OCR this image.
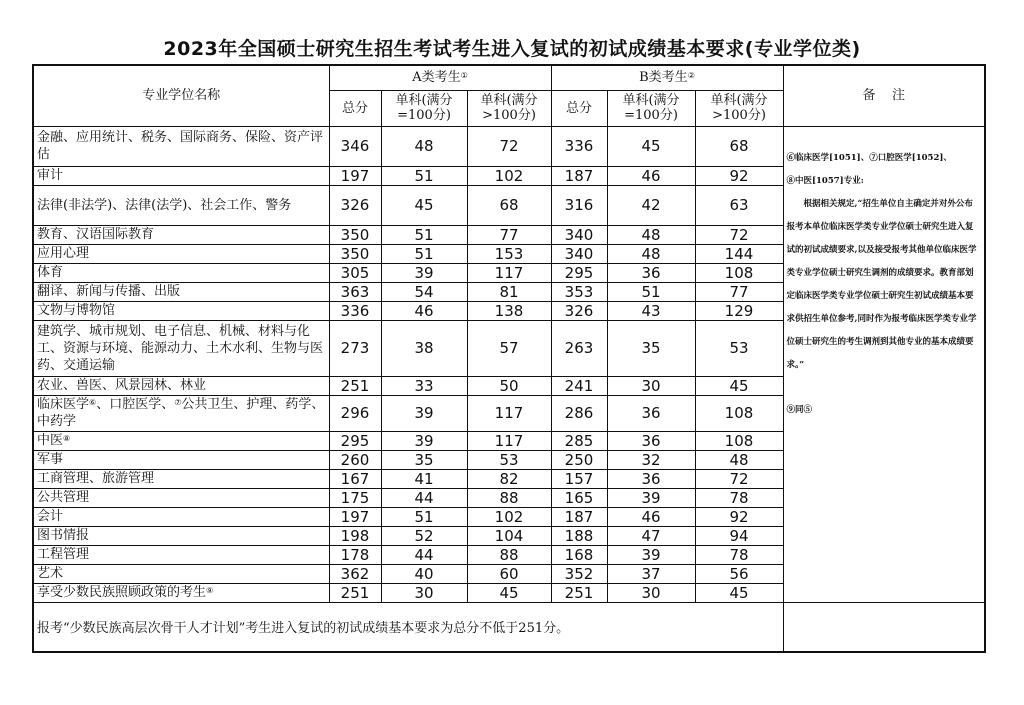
2023年全国硕士研究生招生考试考生进入复试的初试成绩基本要求(专业学位类)
专业学位名称	A类考生①			B类考生②			备    注
	总分	单科(满分=100分)	单科(满分>100分)	总分	单科(满分=100分)	单科(满分>100分)	
金融、应用统计、税务、国际商务、保险、资产评估	346	48	72	336	45	68	⑥临床医学[1051]、⑦口腔医学[1052]、

⑧中医[1057]专业:

根据相关规定,“招生单位自主确定并对外公布报考本单位临床医学类专业学位硕士研究生进入复试的初试成绩要求,以及接受报考其他单位临床医学类专业学位硕士研究生调剂的成绩要求。教育部划定临床医学类专业学位硕士研究生初试成绩基本要求供招生单位参考,同时作为报考临床医学类专业学位硕士研究生的考生调剂到其他专业的基本成绩要求。”

⑨同⑤

审计	197	51	102	187	46	92	
法律(非法学)、法律(法学)、社会工作、警务	326	45	68	316	42	63	
教育、汉语国际教育	350	51	77	340	48	72	
应用心理	350	51	153	340	48	144	
体育	305	39	117	295	36	108	
翻译、新闻与传播、出版	363	54	81	353	51	77	
文物与博物馆	336	46	138	326	43	129	
建筑学、城市规划、电子信息、机械、材料与化工、资源与环境、能源动力、土木水利、生物与医药、交通运输	273	38	57	263	35	53	
农业、兽医、风景园林、林业	251	33	50	241	30	45	
临床医学⑥、口腔医学、⑦公共卫生、护理、药学、中药学	296	39	117	286	36	108	
中医⑧	295	39	117	285	36	108	
军事	260	35	53	250	32	48	
工商管理、旅游管理	167	41	82	157	36	72	
公共管理	175	44	88	165	39	78	
会计	197	51	102	187	46	92	
图书情报	198	52	104	188	47	94	
工程管理	178	44	88	168	39	78	
艺术	362	40	60	352	37	56	
享受少数民族照顾政策的考生⑨	251	30	45	251	30	45	
报考“少数民族高层次骨干人才计划”考生进入复试的初试成绩基本要求为总分不低于251分。							
